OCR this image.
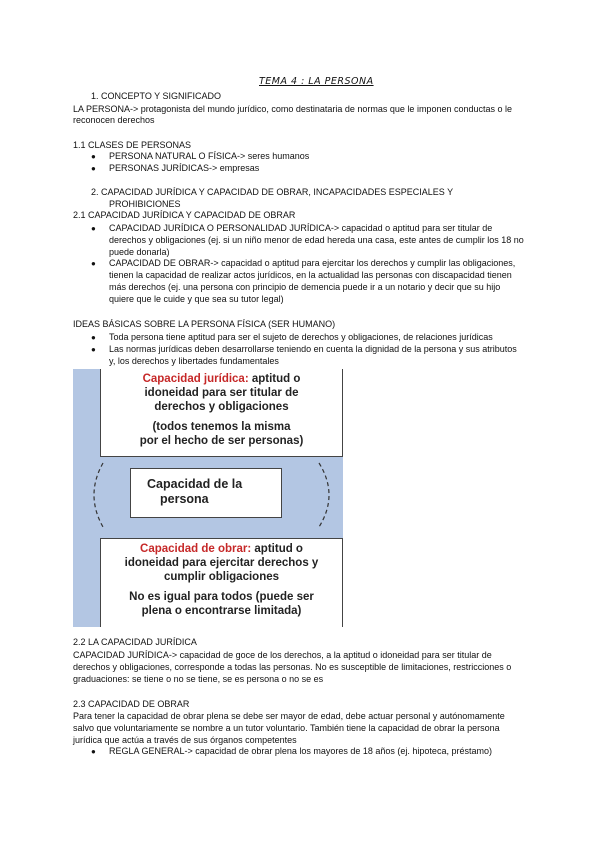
TEMA 4 : LA PERSONA
1. CONCEPTO Y SIGNIFICADO
LA PERSONA-> protagonista del mundo jurídico, como destinataria de normas que le imponen conductas o le
reconocen derechos
1.1 CLASES DE PERSONAS
● PERSONA NATURAL O FÍSICA-> seres humanos
● PERSONAS JURÍDICAS-> empresas
2. CAPACIDAD JURÍDICA Y CAPACIDAD DE OBRAR, INCAPACIDADES ESPECIALES Y
PROHIBICIONES
2.1 CAPACIDAD JURÍDICA Y CAPACIDAD DE OBRAR
● CAPACIDAD JURÍDICA O PERSONALIDAD JURÍDICA-> capacidad o aptitud para ser titular de
derechos y obligaciones (ej. si un niño menor de edad hereda una casa, este antes de cumplir los 18 no
puede donarla)
● CAPACIDAD DE OBRAR-> capacidad o aptitud para ejercitar los derechos y cumplir las obligaciones,
tienen la capacidad de realizar actos jurídicos, en la actualidad las personas con discapacidad tienen
más derechos (ej. una persona con principio de demencia puede ir a un notario y decir que su hijo
quiere que le cuide y que sea su tutor legal)
IDEAS BÁSICAS SOBRE LA PERSONA FÍSICA (SER HUMANO)
● Toda persona tiene aptitud para ser el sujeto de derechos y obligaciones, de relaciones jurídicas
● Las normas jurídicas deben desarrollarse teniendo en cuenta la dignidad de la persona y sus atributos
y, los derechos y libertades fundamentales
Capacidad jurídica: aptitud o
idoneidad para ser titular de
derechos y obligaciones
(todos tenemos la misma
por el hecho de ser personas)
Capacidad de la
persona
Capacidad de obrar: aptitud o
idoneidad para ejercitar derechos y
cumplir obligaciones
No es igual para todos (puede ser
plena o encontrarse limitada)
2.2 LA CAPACIDAD JURÍDICA
CAPACIDAD JURÍDICA-> capacidad de goce de los derechos, a la aptitud o idoneidad para ser titular de
derechos y obligaciones, corresponde a todas las personas. No es susceptible de limitaciones, restricciones o
graduaciones: se tiene o no se tiene, se es persona o no se es
2.3 CAPACIDAD DE OBRAR
Para tener la capacidad de obrar plena se debe ser mayor de edad, debe actuar personal y autónomamente
salvo que voluntariamente se nombre a un tutor voluntario. También tiene la capacidad de obrar la persona
jurídica que actúa a través de sus órganos competentes
● REGLA GENERAL-> capacidad de obrar plena los mayores de 18 años (ej. hipoteca, préstamo)
